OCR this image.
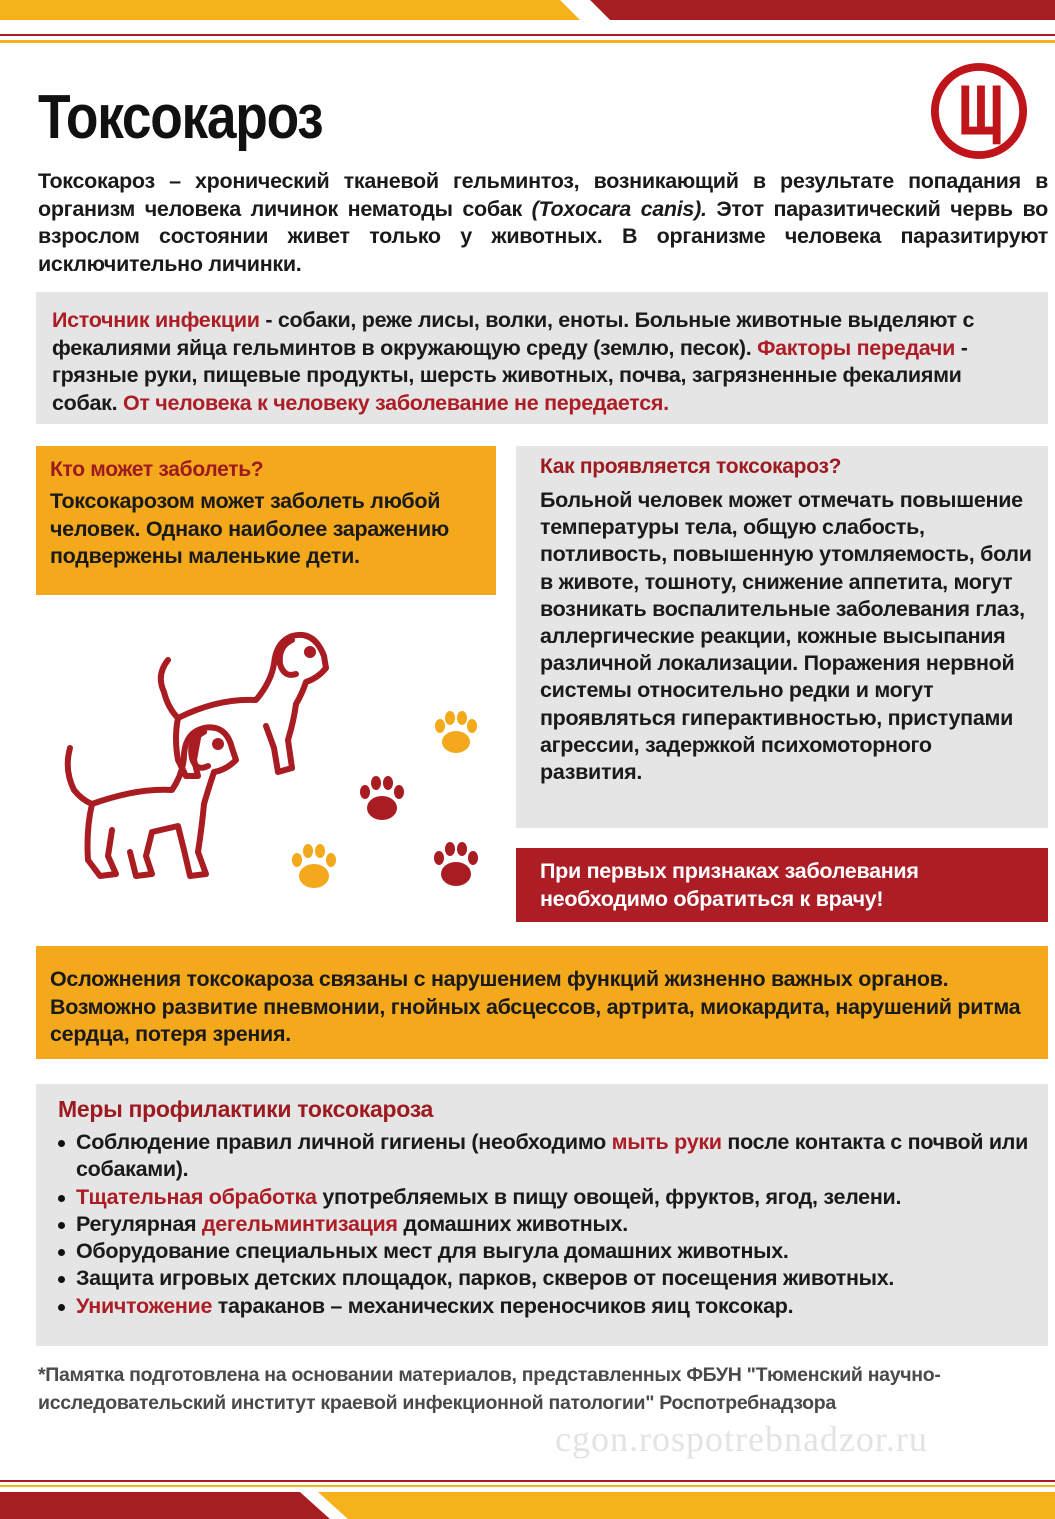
Токсокароз
Токсокароз – хронический тканевой гельминтоз, возникающий в результате попадания в организм человека личинок нематоды собак (Toxocara canis). Этот паразитический червь во взрослом состоянии живет только у животных. В организме человека паразитируют исключительно личинки.
Источник инфекции - собаки, реже лисы, волки, еноты. Больные животные выделяют с фекалиями яйца гельминтов в окружающую среду (землю, песок). Факторы передачи - грязные руки, пищевые продукты, шерсть животных, почва, загрязненные фекалиями собак. От человека к человеку заболевание не передается.
Кто может заболеть?
Токсокарозом может заболеть любой человек. Однако наиболее заражению подвержены маленькие дети.
Как проявляется токсокароз?
Больной человек может отмечать повышение температуры тела, общую слабость, потливость, повышенную утомляемость, боли в животе, тошноту, снижение аппетита, могут возникать воспалительные заболевания глаз, аллергические реакции, кожные высыпания различной локализации. Поражения нервной системы относительно редки и могут проявляться гиперактивностью, приступами агрессии, задержкой психомоторного развития.
При первых признаках заболевания необходимо обратиться к врачу!
Осложнения токсокароза связаны с нарушением функций жизненно важных органов. Возможно развитие пневмонии, гнойных абсцессов, артрита, миокардита, нарушений ритма сердца, потеря зрения.
Меры профилактики токсокароза
Соблюдение правил личной гигиены (необходимо мыть руки после контакта с почвой или собаками).
Тщательная обработка употребляемых в пищу овощей, фруктов, ягод, зелени.
Регулярная дегельминтизация домашних животных.
Оборудование специальных мест для выгула домашних животных.
Защита игровых детских площадок, парков, скверов от посещения животных.
Уничтожение тараканов – механических переносчиков яиц токсокар.
*Памятка подготовлена на основании материалов, представленных ФБУН "Тюменский научно-исследовательский институт краевой инфекционной патологии" Роспотребнадзора
cgon.rospotrebnadzor.ru
